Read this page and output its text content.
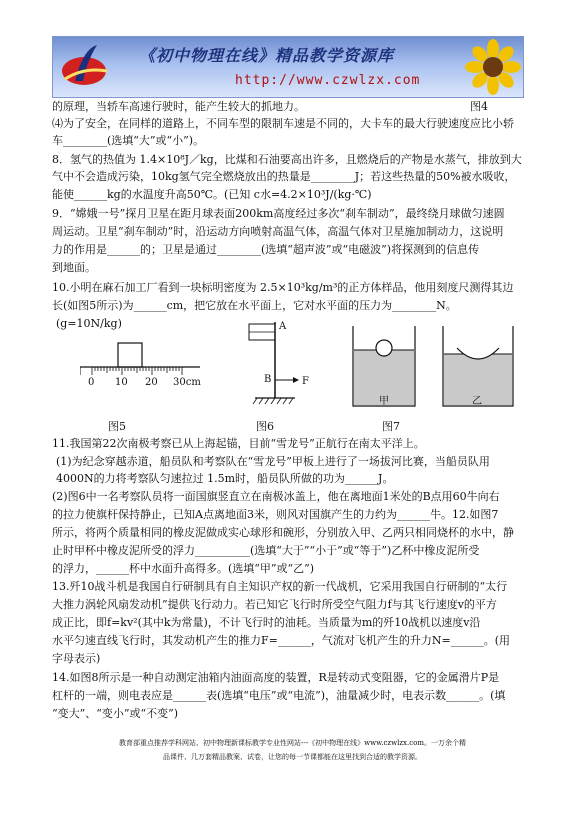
《初中物理在线》精品教学资源库
http://www.czwlzx.com
的原理，当轿车高速行驶时，能产生较大的抓地力。	图4
⑷为了安全，在同样的道路上，不同车型的限制车速是不同的，大卡车的最大行驶速度应比小轿
车________(选填“大”或“小”)。
8．氢气的热值为 1.4×10⁸J／kg，比煤和石油要高出许多，且燃烧后的产物是水蒸气，排放到大
气中不会造成污染，10kg氢气完全燃烧放出的热量是________J；若这些热量的50%被水吸收，
能使______kg的水温度升高50℃。(已知 c水=4.2×10³J/(kg·℃)
9．“嫦娥一号”探月卫星在距月球表面200km高度经过多次“刹车制动”，最终绕月球做匀速圆
周运动。卫星“刹车制动”时，沿运动方向喷射高温气体，高温气体对卫星施加制动力，这说明
力的作用是______的；卫星是通过________(选填“超声波”或“电磁波”)将探测到的信息传
到地面。
10.小明在麻石加工厂看到一块标明密度为 2.5×10³kg/m³的正方体样品，他用刻度尺测得其边
长(如图5所示)为______cm，把它放在水平面上，它对水平面的压力为________N。
(g=10N/kg)
0 10 20 30cm
图5
A
B	F
图6
甲	乙
图7
11.我国第22次南极考察已从上海起锚，目前“雪龙号”正航行在南太平洋上。
(1)为纪念穿越赤道，船员队和考察队在“雪龙号”甲板上进行了一场拔河比赛，当船员队用
4000N的力将考察队匀速拉过 1.5m时，船员队所做的功为______J。
(2)图6中一名考察队员将一面国旗竖直立在南极冰盖上，他在离地面1米处的B点用60牛向右
的拉力使旗杆保持静止，已知A点离地面3米，则风对国旗产生的力约为______牛。12.如图7
所示，将两个质量相同的橡皮泥做成实心球形和碗形，分别放入甲、乙两只相同烧杯的水中，静
止时甲杯中橡皮泥所受的浮力__________(选填“大于”“小于”或“等于”)乙杯中橡皮泥所受
的浮力，______杯中水面升高得多。(选填“甲”或“乙”)
13.歼10战斗机是我国自行研制具有自主知识产权的新一代战机，它采用我国自行研制的“太行
大推力涡轮风扇发动机”提供飞行动力。若已知它飞行时所受空气阻力f与其飞行速度v的平方
成正比，即f=kv²(其中k为常量)，不计飞行时的油耗。当质量为m的歼10战机以速度v沿
水平匀速直线飞行时，其发动机产生的推力F=______，气流对飞机产生的升力N=______。(用
字母表示)
14.如图8所示是一种自动测定油箱内油面高度的装置，R是转动式变阻器，它的金属滑片P是
杠杆的一端，则电表应是______表(选填“电压”或“电流”)，油量减少时，电表示数______。(填
“变大”、“变小”或“不变”)
教育部重点推荐学科网站、初中物理新课标教学专业性网站---《初中物理在线》www.czwlzx.com。一万余个精
品课件、几万套精品教案、试卷，让您的每一节课都能在这里找到合适的教学资源。
